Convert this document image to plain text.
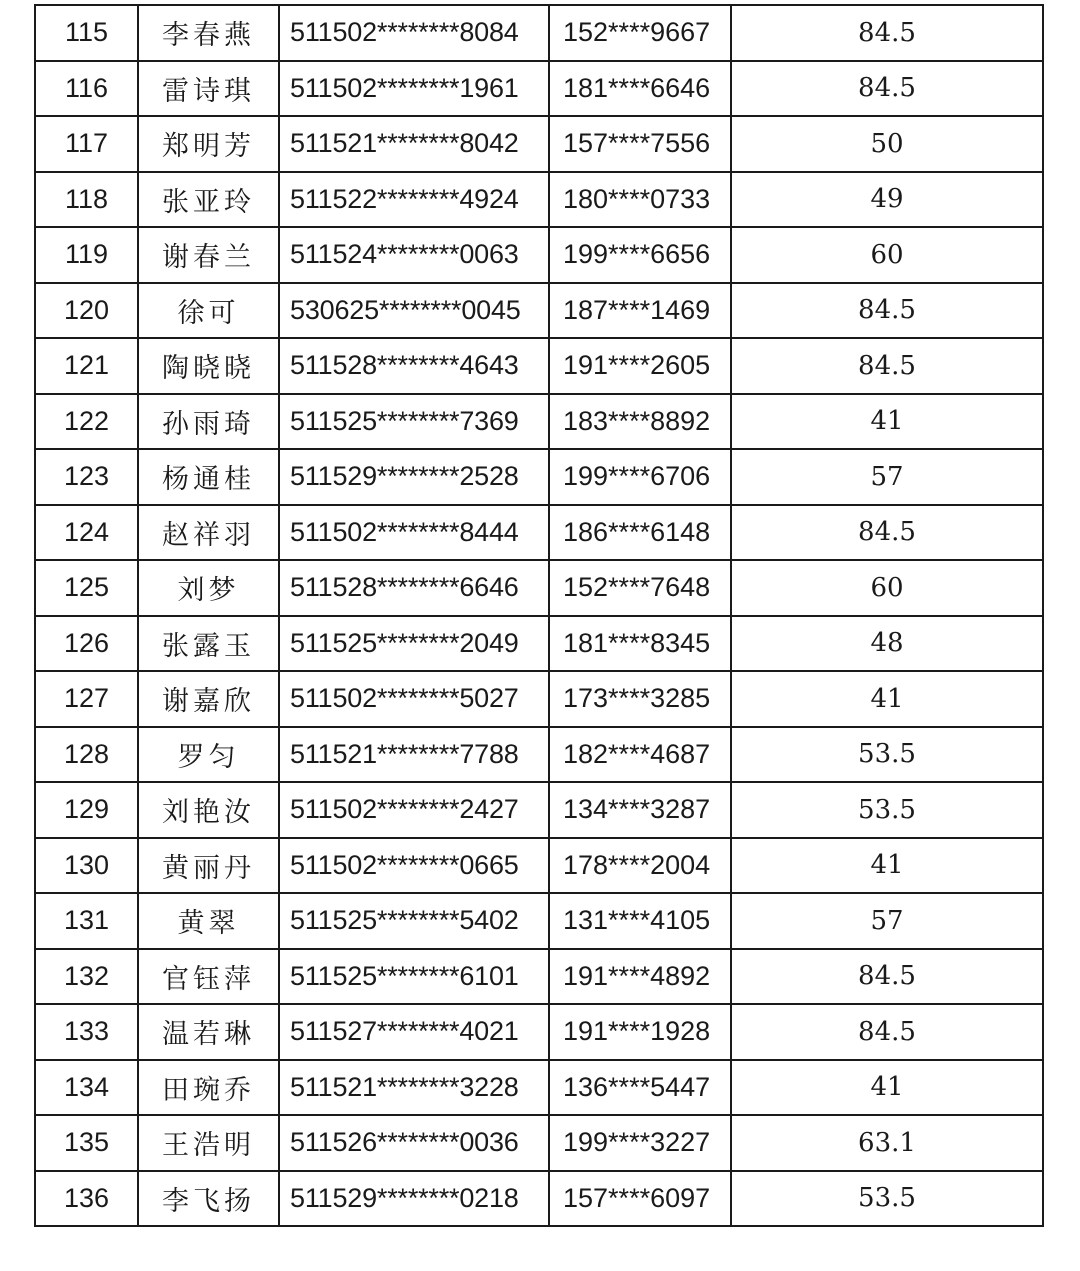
115	李春燕	511502********8084	152****9667	84.5
116	雷诗琪	511502********1961	181****6646	84.5
117	郑明芳	511521********8042	157****7556	50
118	张亚玲	511522********4924	180****0733	49
119	谢春兰	511524********0063	199****6656	60
120	徐可	530625********0045	187****1469	84.5
121	陶晓晓	511528********4643	191****2605	84.5
122	孙雨琦	511525********7369	183****8892	41
123	杨通桂	511529********2528	199****6706	57
124	赵祥羽	511502********8444	186****6148	84.5
125	刘梦	511528********6646	152****7648	60
126	张露玉	511525********2049	181****8345	48
127	谢嘉欣	511502********5027	173****3285	41
128	罗匀	511521********7788	182****4687	53.5
129	刘艳汝	511502********2427	134****3287	53.5
130	黄丽丹	511502********0665	178****2004	41
131	黄翠	511525********5402	131****4105	57
132	官钰萍	511525********6101	191****4892	84.5
133	温若琳	511527********4021	191****1928	84.5
134	田琬乔	511521********3228	136****5447	41
135	王浩明	511526********0036	199****3227	63.1
136	李飞扬	511529********0218	157****6097	53.5
